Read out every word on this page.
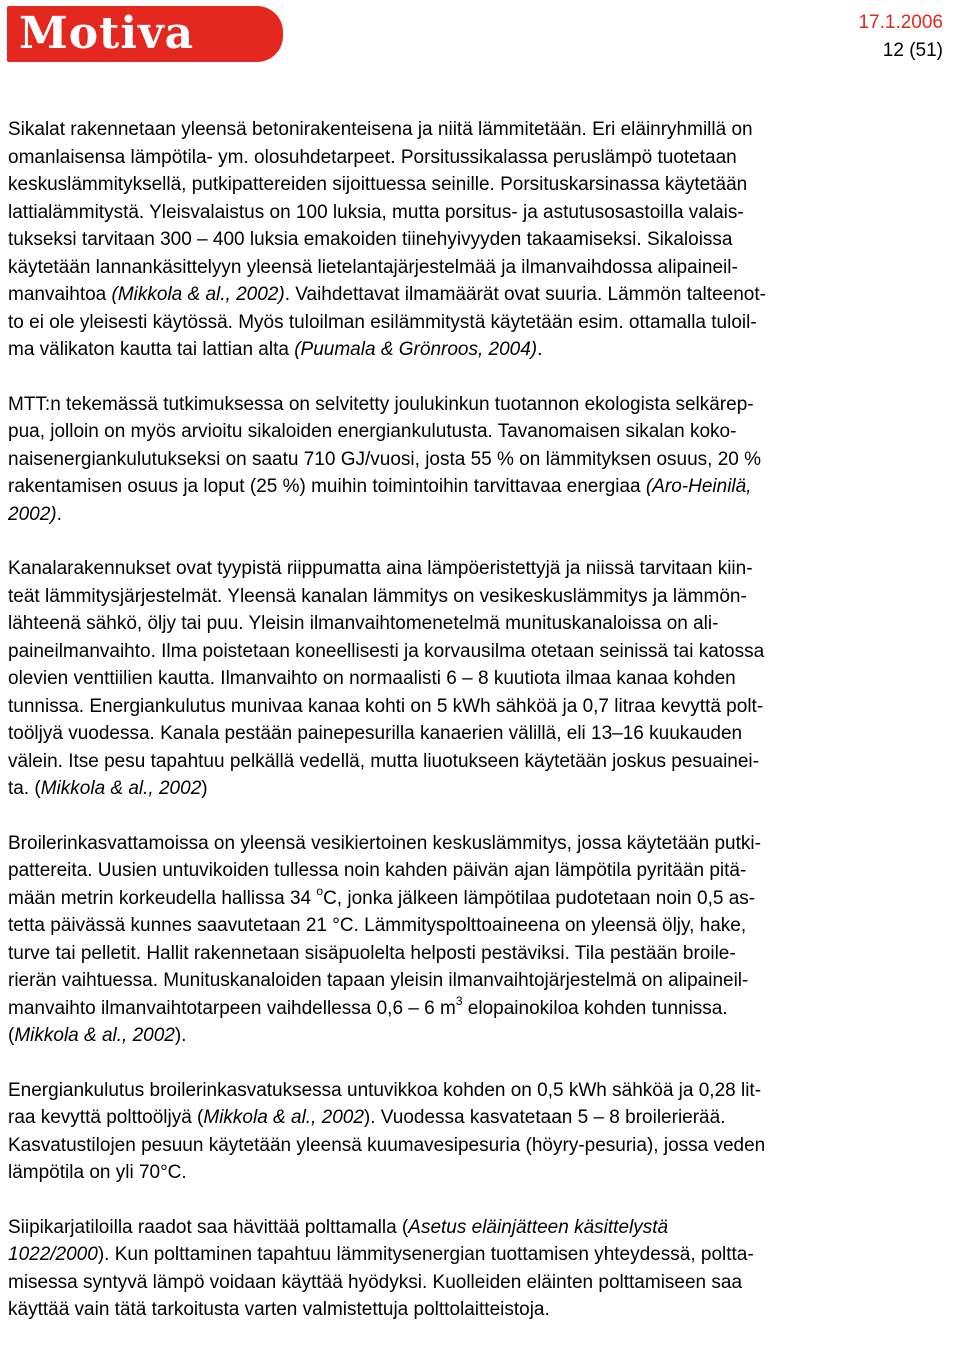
Motiva	17.1.2006
12 (51)

Sikalat rakennetaan yleensä betonirakenteisena ja niitä lämmitetään. Eri eläinryhmillä on
omanlaisensa lämpötila- ym. olosuhdetarpeet. Porsitussikalassa peruslämpö tuotetaan
keskuslämmityksellä, putkipattereiden sijoittuessa seinille. Porsituskarsinassa käytetään
lattialämmitystä. Yleisvalaistus on 100 luksia, mutta porsitus- ja astutusosastoilla valais-
tukseksi tarvitaan 300 – 400 luksia emakoiden tiinehyivyyden takaamiseksi. Sikaloissa
käytetään lannankäsittelyyn yleensä lietelantajärjestelmää ja ilmanvaihdossa alipaineil-
manvaihtoa (Mikkola & al., 2002). Vaihdettavat ilmamäärät ovat suuria. Lämmön talteenot-
to ei ole yleisesti käytössä. Myös tuloilman esilämmitystä käytetään esim. ottamalla tuloil-
ma välikaton kautta tai lattian alta (Puumala & Grönroos, 2004).

MTT:n tekemässä tutkimuksessa on selvitetty joulukinkun tuotannon ekologista selkärep-
pua, jolloin on myös arvioitu sikaloiden energiankulutusta. Tavanomaisen sikalan koko-
naisenergiankulutukseksi on saatu 710 GJ/vuosi, josta 55 % on lämmityksen osuus, 20 %
rakentamisen osuus ja loput (25 %) muihin toimintoihin tarvittavaa energiaa (Aro-Heinilä,
2002).

Kanalarakennukset ovat tyypistä riippumatta aina lämpöeristettyjä ja niissä tarvitaan kiin-
teät lämmitysjärjestelmät. Yleensä kanalan lämmitys on vesikeskuslämmitys ja lämmön-
lähteenä sähkö, öljy tai puu. Yleisin ilmanvaihtomenetelmä munituskanaloissa on ali-
paineilmanvaihto. Ilma poistetaan koneellisesti ja korvausilma otetaan seinissä tai katossa
olevien venttiilien kautta. Ilmanvaihto on normaalisti 6 – 8 kuutiota ilmaa kanaa kohden
tunnissa. Energiankulutus munivaa kanaa kohti on 5 kWh sähköä ja 0,7 litraa kevyttä polt-
toöljyä vuodessa. Kanala pestään painepesurilla kanaerien välillä, eli 13–16 kuukauden
välein. Itse pesu tapahtuu pelkällä vedellä, mutta liuotukseen käytetään joskus pesuainei-
ta. (Mikkola & al., 2002)

Broilerinkasvattamoissa on yleensä vesikiertoinen keskuslämmitys, jossa käytetään putki-
pattereita. Uusien untuvikoiden tullessa noin kahden päivän ajan lämpötila pyritään pitä-
mään metrin korkeudella hallissa 34 $^o$C, jonka jälkeen lämpötilaa pudotetaan noin 0,5 as-
tetta päivässä kunnes saavutetaan 21 °C. Lämmityspolttoaineena on yleensä öljy, hake,
turve tai pelletit. Hallit rakennetaan sisäpuolelta helposti pestäviksi. Tila pestään broile-
rierän vaihtuessa. Munituskanaloiden tapaan yleisin ilmanvaihtojärjestelmä on alipaineil-
manvaihto ilmanvaihtotarpeen vaihdellessa 0,6 – 6 $m^3$ elopainokiloa kohden tunnissa.
(Mikkola & al., 2002).

Energiankulutus broilerinkasvatuksessa untuvikkoa kohden on 0,5 kWh sähköä ja 0,28 lit-
raa kevyttä polttoöljyä (Mikkola & al., 2002). Vuodessa kasvatetaan 5 – 8 broilerierää.
Kasvatustilojen pesuun käytetään yleensä kuumavesipesuria (höyry-pesuria), jossa veden
lämpötila on yli 70°C.

Siipikarjatiloilla raadot saa hävittää polttamalla (Asetus eläinjätteen käsittelystä
1022/2000). Kun polttaminen tapahtuu lämmitysenergian tuottamisen yhteydessä, poltta-
misessa syntyvä lämpö voidaan käyttää hyödyksi. Kuolleiden eläinten polttamiseen saa
käyttää vain tätä tarkoitusta varten valmistettuja polttolaitteistoja.
